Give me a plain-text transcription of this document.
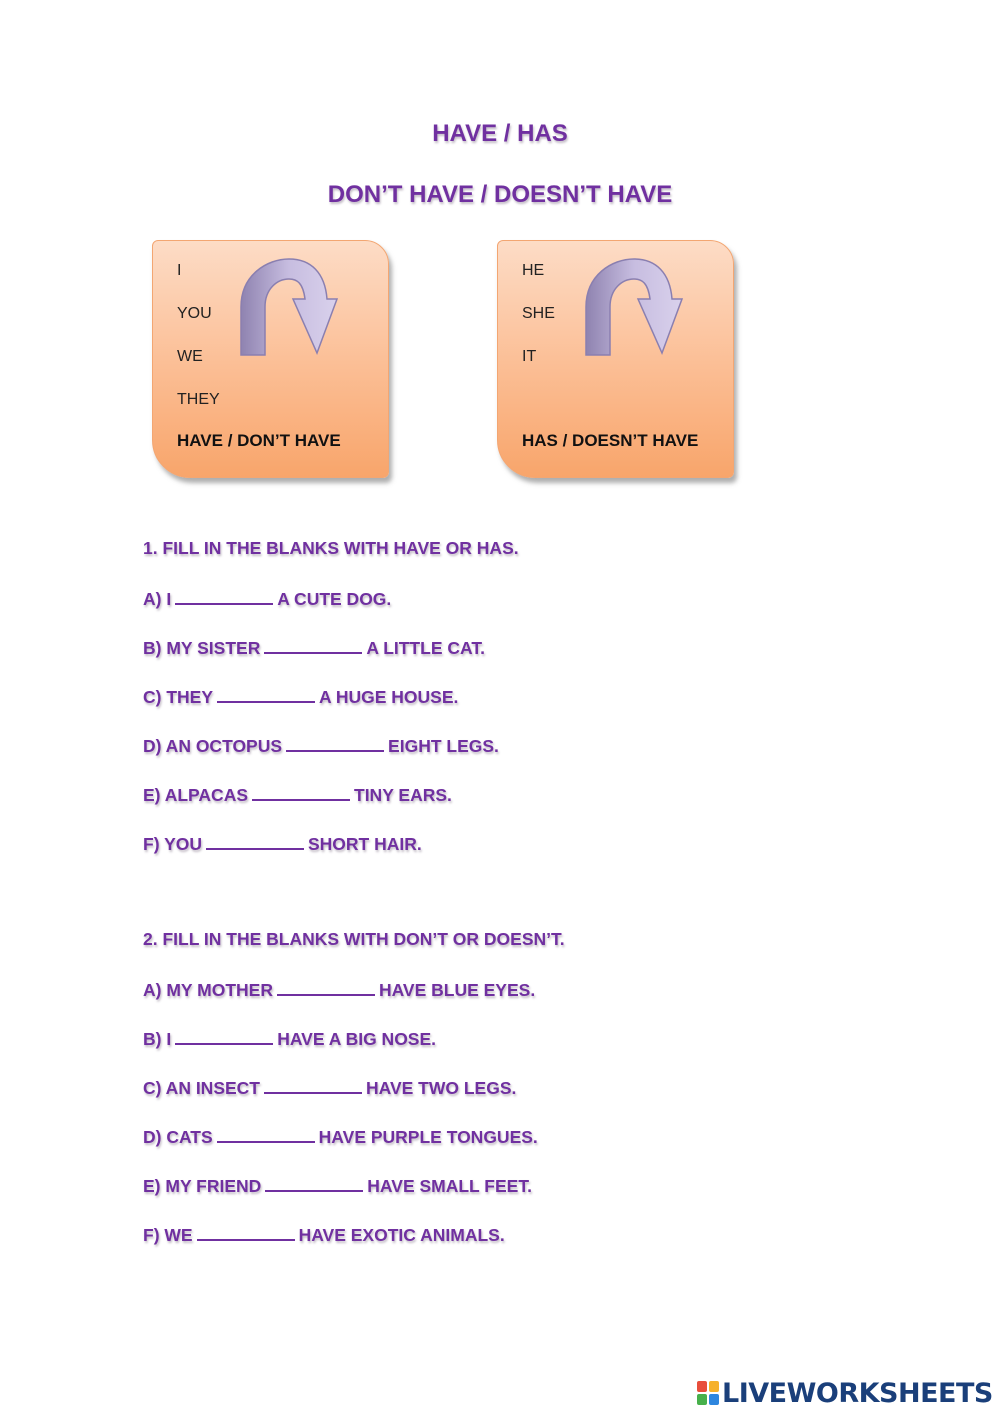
HAVE / HAS
DON’T HAVE / DOESN’T HAVE
I
YOU
WE
THEY
HAVE / DON’T HAVE
HE
SHE
IT
HAS / DOESN’T HAVE
1. FILL IN THE BLANKS WITH HAVE OR HAS.
A) I	A CUTE DOG.
B) MY SISTER	A LITTLE CAT.
C) THEY	A HUGE HOUSE.
D) AN OCTOPUS	EIGHT LEGS.
E) ALPACAS	TINY EARS.
F) YOU	SHORT HAIR.
2. FILL IN THE BLANKS WITH DON’T OR DOESN’T.
A) MY MOTHER	HAVE BLUE EYES.
B) I	HAVE A BIG NOSE.
C) AN INSECT	HAVE TWO LEGS.
D) CATS	HAVE PURPLE TONGUES.
E) MY FRIEND	HAVE SMALL FEET.
F) WE	HAVE EXOTIC ANIMALS.
LIVEWORKSHEETS
